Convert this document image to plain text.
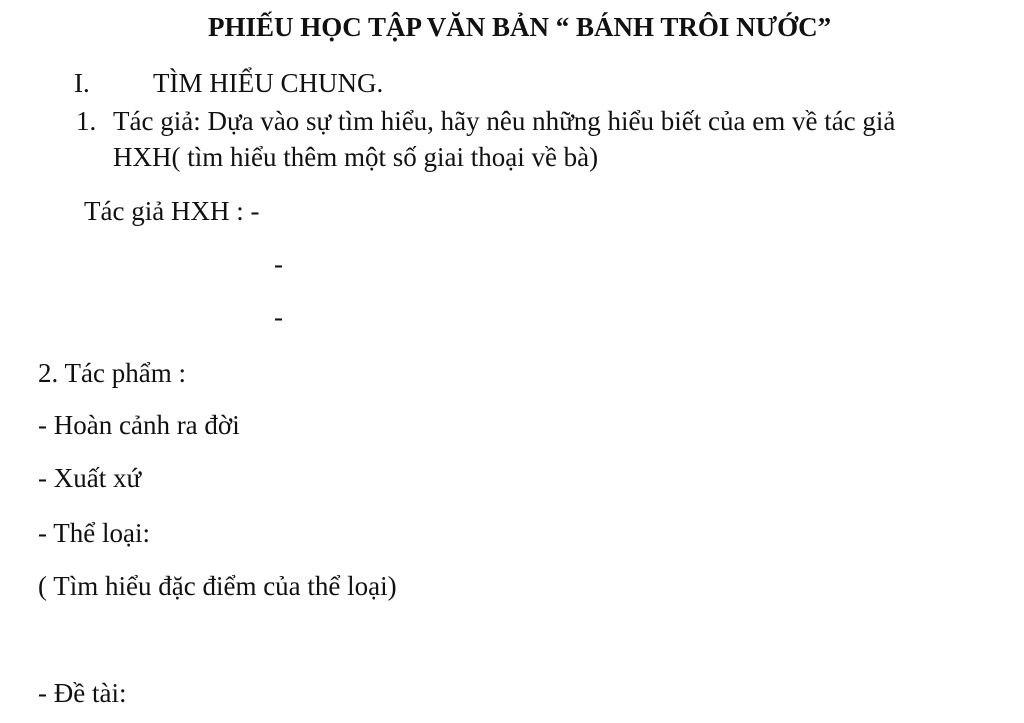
PHIẾU HỌC TẬP VĂN BẢN “ BÁNH TRÔI NƯỚC”
I. TÌM HIỂU CHUNG.
1. Tác giả: Dựa vào sự tìm hiểu, hãy nêu những hiểu biết của em về tác giả
HXH( tìm hiểu thêm một số giai thoại về bà)
Tác giả HXH : -
-
-
2. Tác phẩm :
- Hoàn cảnh ra đời
- Xuất xứ
- Thể loại:
( Tìm hiểu đặc điểm của thể loại)
- Đề tài:
